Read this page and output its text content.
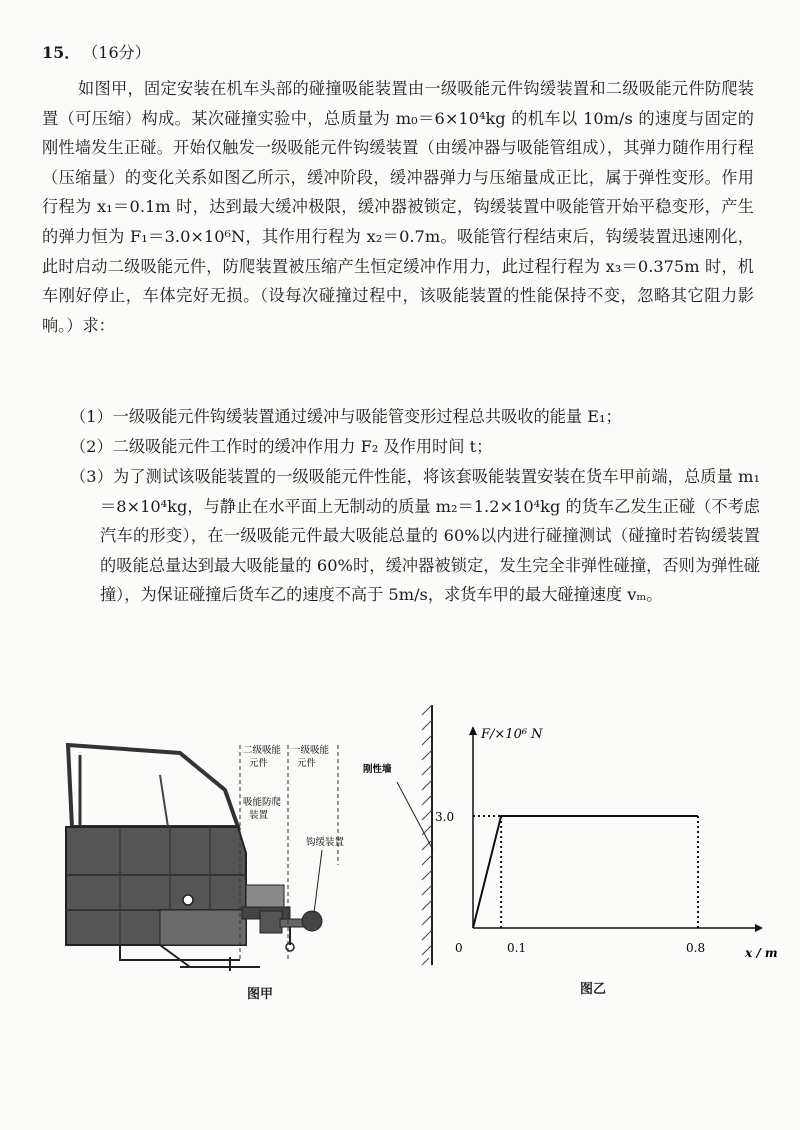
15． （16分）
如图甲，固定安装在机车头部的碰撞吸能装置由一级吸能元件钩缓装置和二级吸能元件防爬装置（可压缩）构成。某次碰撞实验中，总质量为 m₀＝6×10⁴kg 的机车以 10m/s 的速度与固定的刚性墙发生正碰。开始仅触发一级吸能元件钩缓装置（由缓冲器与吸能管组成），其弹力随作用行程（压缩量）的变化关系如图乙所示，缓冲阶段，缓冲器弹力与压缩量成正比，属于弹性变形。作用行程为 x₁＝0.1m 时，达到最大缓冲极限，缓冲器被锁定，钩缓装置中吸能管开始平稳变形，产生的弹力恒为 F₁＝3.0×10⁶N，其作用行程为 x₂＝0.7m。吸能管行程结束后，钩缓装置迅速刚化，此时启动二级吸能元件，防爬装置被压缩产生恒定缓冲作用力，此过程行程为 x₃＝0.375m 时，机车刚好停止，车体完好无损。（设每次碰撞过程中，该吸能装置的性能保持不变，忽略其它阻力影响。）求：
（1）一级吸能元件钩缓装置通过缓冲与吸能管变形过程总共吸收的能量 E₁；
（2）二级吸能元件工作时的缓冲作用力 F₂ 及作用时间 t；
（3）为了测试该吸能装置的一级吸能元件性能，将该套吸能装置安装在货车甲前端，总质量 m₁＝8×10⁴kg，与静止在水平面上无制动的质量 m₂＝1.2×10⁴kg 的货车乙发生正碰（不考虑汽车的形变），在一级吸能元件最大吸能总量的 60%以内进行碰撞测试（碰撞时若钩缓装置的吸能总量达到最大吸能量的 60%时，缓冲器被锁定，发生完全非弹性碰撞，否则为弹性碰撞），为保证碰撞后货车乙的速度不高于 5m/s，求货车甲的最大碰撞速度 vₘ。
二级吸能
元件
一级吸能
元件
吸能防爬
装置
钩缓装置
图甲
刚性墙
F/×10⁶ N
x / m
0
3.0
0.1	0.8
图乙
